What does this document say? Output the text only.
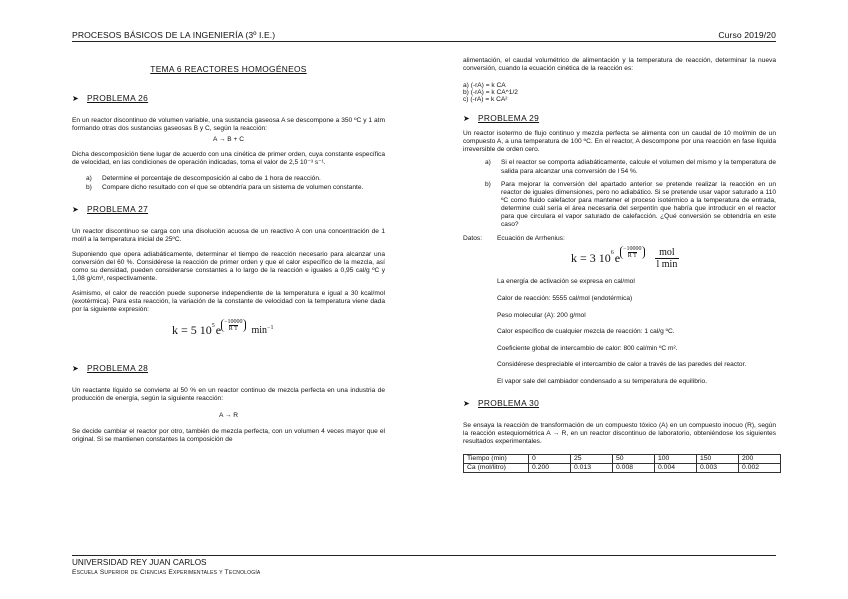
PROCESOS BÁSICOS DE LA INGENIERÍA (3º I.E.)	Curso 2019/20
TEMA 6 REACTORES HOMOGÉNEOS
➤ PROBLEMA 26
En un reactor discontinuo de volumen variable, una sustancia gaseosa A se descompone a 350 ºC y 1 atm formando otras dos sustancias gaseosas B y C, según la reacción:
A → B + C
Dicha descomposición tiene lugar de acuerdo con una cinética de primer orden, cuya constante específica de velocidad, en las condiciones de operación indicadas, toma el valor de 2,5 10⁻³ s⁻¹.
a)	Determine el porcentaje de descomposición al cabo de 1 hora de reacción.
b)	Compare dicho resultado con el que se obtendría para un sistema de volumen constante.
➤ PROBLEMA 27
Un reactor discontinuo se carga con una disolución acuosa de un reactivo A con una concentración de 1 mol/l a la temperatura inicial de 25ºC.
Suponiendo que opera adiabáticamente, determinar el tiempo de reacción necesario para alcanzar una conversión del 60 %. Considérese la reacción de primer orden y que el calor específico de la mezcla, así como su densidad, pueden considerarse constantes a lo largo de la reacción e iguales a 0,95 cal/g ºC y 1,08 g/cm³, respectivamente.
Asimismo, el calor de reacción puede suponerse independiente de la temperatura e igual a 30 kcal/mol (exotérmica). Para esta reacción, la variación de la constante de velocidad con la temperatura viene dada por la siguiente expresión:
k = 5 $10^5$ e
−10000
R T $\min^{-1}$
➤ PROBLEMA 28
Un reactante líquido se convierte al 50 % en un reactor continuo de mezcla perfecta en una industria de producción de energía, según la siguiente reacción:
A → R
Se decide cambiar el reactor por otro, también de mezcla perfecta, con un volumen 4 veces mayor que el original. Si se mantienen constantes la composición de
alimentación, el caudal volumétrico de alimentación y la temperatura de reacción, determinar la nueva conversión, cuando la ecuación cinética de la reacción es:
a) (-rA) = k CA
b) (-rA) = k CA^1/2
c) (-rA) = k CA²
➤ PROBLEMA 29
Un reactor isotermo de flujo continuo y mezcla perfecta se alimenta con un caudal de 10 mol/min de un compuesto A, a una temperatura de 100 ºC. En el reactor, A descompone por una reacción en fase líquida irreversible de orden cero.
a)	Si el reactor se comporta adiabáticamente, calcule el volumen del mismo y la temperatura de salida para alcanzar una conversión de l 54 %.
b)	Para mejorar la conversión del apartado anterior se pretende realizar la reacción en un reactor de iguales dimensiones, pero no adiabático. Si se pretende usar vapor saturado a 110 ºC como fluido calefactor para mantener el proceso isotérmico a la temperatura de entrada, determine cuál sería el área necesaria del serpentín que habría que introducir en el reactor para que circulara el vapor saturado de calefacción. ¿Qué conversión se obtendría en este caso?
Datos:	Ecuación de Arrhenius:
k = 3 $10^6$ e
−10000
R T mol
l min
La energía de activación se expresa en cal/mol
Calor de reacción: 5555 cal/mol (endotérmica)
Peso molecular (A): 200 g/mol
Calor específico de cualquier mezcla de reacción: 1 cal/g ºC.
Coeficiente global de intercambio de calor: 800 cal/min ºC m².
Considérese despreciable el intercambio de calor a través de las paredes del reactor.
El vapor sale del cambiador condensado a su temperatura de equilibrio.
➤ PROBLEMA 30
Se ensaya la reacción de transformación de un compuesto tóxico (A) en un compuesto inocuo (R), según la reacción estequiométrica A → R, en un reactor discontinuo de laboratorio, obteniéndose los siguientes resultados experimentales.
Tiempo (min)	0	25	50	100	150	200
Ca (mol/litro)	0.200	0.013	0.008	0.004	0.003	0.002
UNIVERSIDAD REY JUAN CARLOS
Escuela Superior de Ciencias Experimentales y Tecnología
